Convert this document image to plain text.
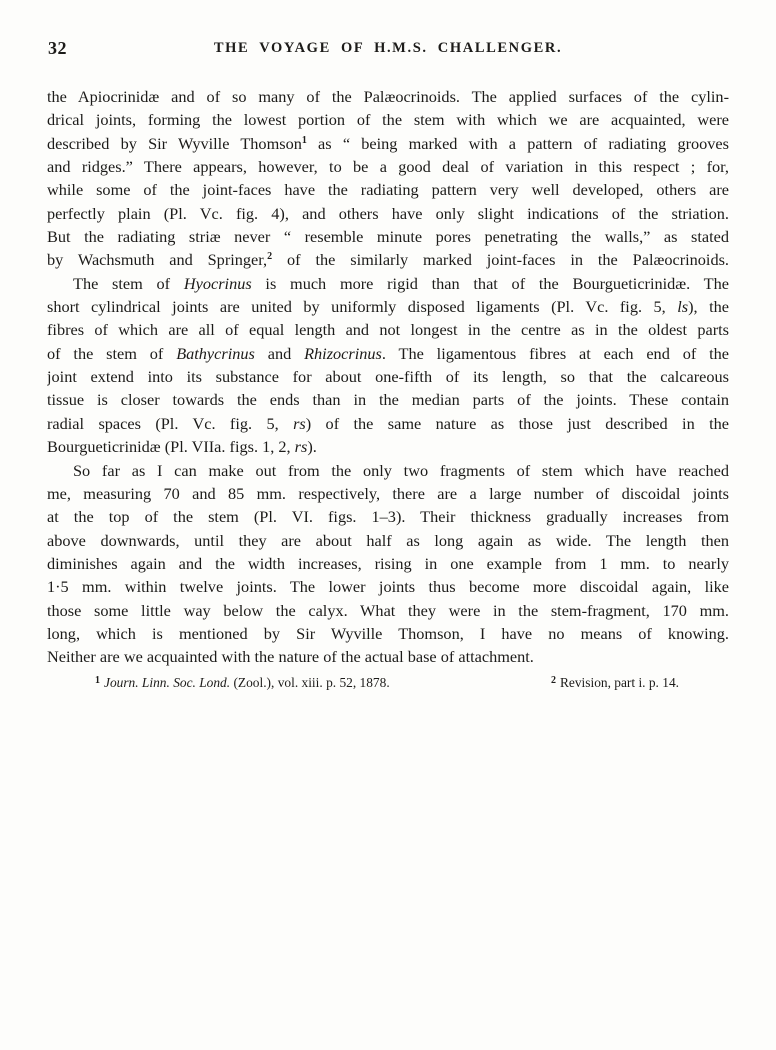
32	THE VOYAGE OF H.M.S. CHALLENGER.
the Apiocrinidæ and of so many of the Palæocrinoids. The applied surfaces of the cylin-
drical joints, forming the lowest portion of the stem with which we are acquainted, were
described by Sir Wyville Thomson$^1$ as “ being marked with a pattern of radiating grooves
and ridges.” There appears, however, to be a good deal of variation in this respect ; for,
while some of the joint-faces have the radiating pattern very well developed, others are
perfectly plain (Pl. Vc. fig. 4), and others have only slight indications of the striation.
But the radiating striæ never “ resemble minute pores penetrating the walls,” as stated
by Wachsmuth and Springer,$^2$ of the similarly marked joint-faces in the Palæocrinoids.
The stem of Hyocrinus is much more rigid than that of the Bourgueticrinidæ. The
short cylindrical joints are united by uniformly disposed ligaments (Pl. Vc. fig. 5, ls), the
fibres of which are all of equal length and not longest in the centre as in the oldest parts
of the stem of Bathycrinus and Rhizocrinus. The ligamentous fibres at each end of the
joint extend into its substance for about one-fifth of its length, so that the calcareous
tissue is closer towards the ends than in the median parts of the joints. These contain
radial spaces (Pl. Vc. fig. 5, rs) of the same nature as those just described in the
Bourgueticrinidæ (Pl. VIIa. figs. 1, 2, rs).
So far as I can make out from the only two fragments of stem which have reached
me, measuring 70 and 85 mm. respectively, there are a large number of discoidal joints
at the top of the stem (Pl. VI. figs. 1–3). Their thickness gradually increases from
above downwards, until they are about half as long again as wide. The length then
diminishes again and the width increases, rising in one example from 1 mm. to nearly
1·5 mm. within twelve joints. The lower joints thus become more discoidal again, like
those some little way below the calyx. What they were in the stem-fragment, 170 mm.
long, which is mentioned by Sir Wyville Thomson, I have no means of knowing.
Neither are we acquainted with the nature of the actual base of attachment.
$^1$ Journ. Linn. Soc. Lond. (Zool.), vol. xiii. p. 52, 1878.	$^2$ Revision, part i. p. 14.
